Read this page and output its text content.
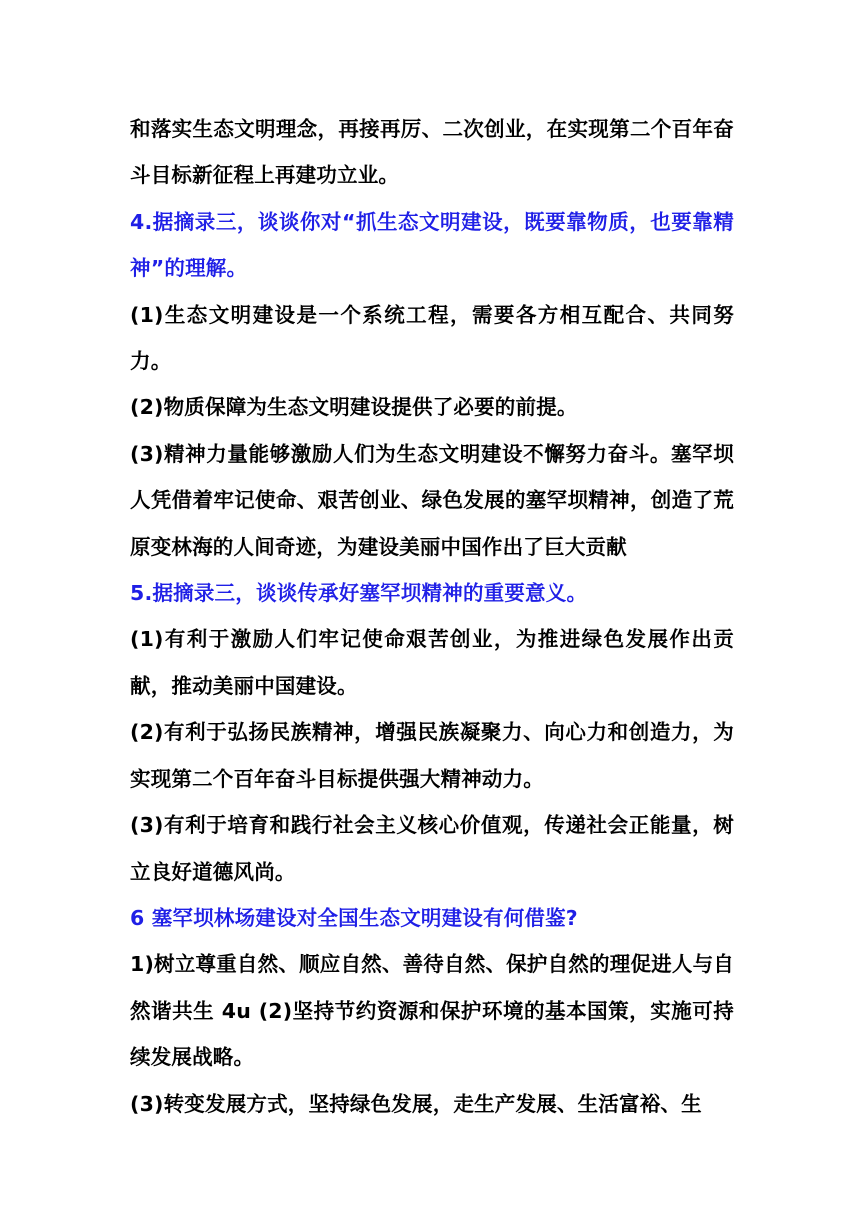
和落实生态文明理念，再接再厉、二次创业，在实现第二个百年奋斗目标新征程上再建功立业。

4.据摘录三，谈谈你对“抓生态文明建设，既要靠物质，也要靠精神”的理解。

(1)生态文明建设是一个系统工程，需要各方相互配合、共同努力。

(2)物质保障为生态文明建设提供了必要的前提。

(3)精神力量能够激励人们为生态文明建设不懈努力奋斗。塞罕坝人凭借着牢记使命、艰苦创业、绿色发展的塞罕坝精神，创造了荒原变林海的人间奇迹，为建设美丽中国作出了巨大贡献

5.据摘录三，谈谈传承好塞罕坝精神的重要意义。

(1)有利于激励人们牢记使命艰苦创业，为推进绿色发展作出贡献，推动美丽中国建设。

(2)有利于弘扬民族精神，增强民族凝聚力、向心力和创造力，为实现第二个百年奋斗目标提供强大精神动力。

(3)有利于培育和践行社会主义核心价值观，传递社会正能量，树立良好道德风尚。

6 塞罕坝林场建设对全国生态文明建设有何借鉴?

1)树立尊重自然、顺应自然、善待自然、保护自然的理促进人与自然谐共生 4u (2)坚持节约资源和保护环境的基本国策，实施可持续发展战略。

(3)转变发展方式，坚持绿色发展，走生产发展、生活富裕、生
